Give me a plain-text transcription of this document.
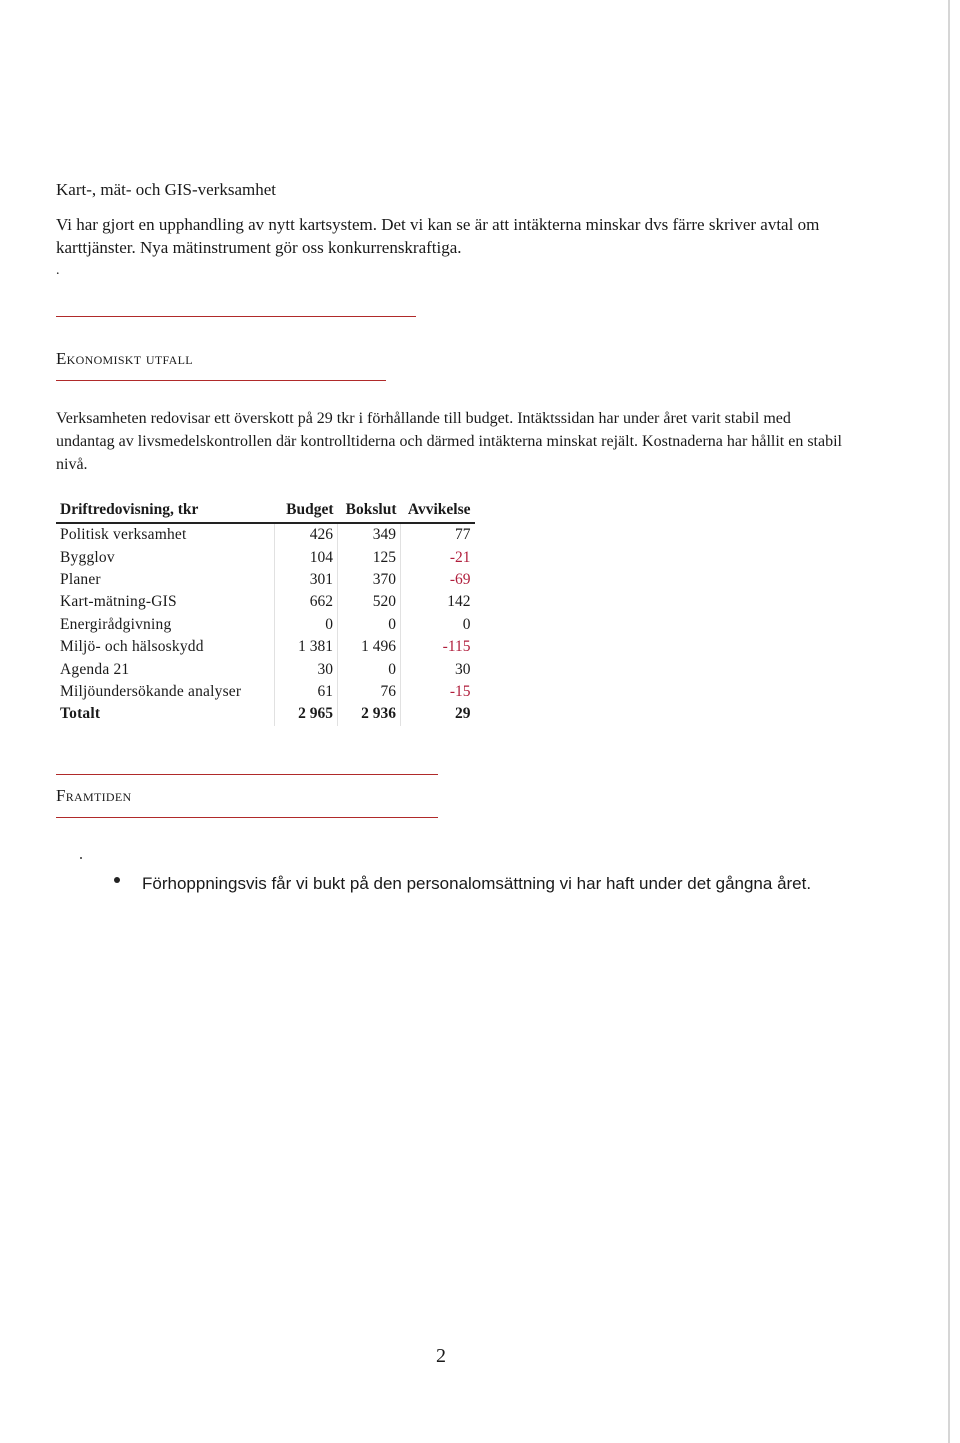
Kart-, mät- och GIS-verksamhet
Vi har gjort en upphandling av nytt kartsystem. Det vi kan se är att intäkterna minskar dvs färre skriver avtal om karttjänster. Nya mätinstrument gör oss konkurrenskraftiga.
.
Ekonomiskt utfall
Verksamheten redovisar ett överskott på 29 tkr i förhållande till budget. Intäktssidan har under året varit stabil med undantag av livsmedelskontrollen där kontrolltiderna och därmed intäkterna minskat rejält. Kostnaderna har hållit en stabil nivå.
Driftredovisning, tkr	Budget	Bokslut	Avvikelse
Politisk verksamhet	426	349	77
Bygglov	104	125	-21
Planer	301	370	-69
Kart-mätning-GIS	662	520	142
Energirådgivning	0	0	0
Miljö- och hälsoskydd	1 381	1 496	-115
Agenda 21	30	0	30
Miljöundersökande analyser	61	76	-15
Totalt	2 965	2 936	29
Framtiden
Förhoppningsvis får vi bukt på den personalomsättning vi har haft under det gångna året.
2
